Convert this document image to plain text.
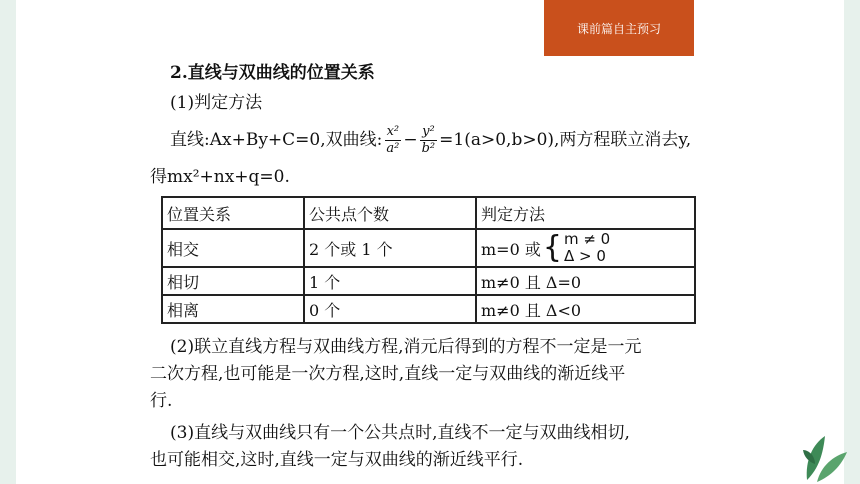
课前篇自主预习
2.直线与双曲线的位置关系
(1)判定方法
直线:Ax+By+C=0,双曲线: $\frac{\text{x²}}{\text{a²}} - \frac{\text{y²}}{\text{b²}} =1(a>0,b>0)$,两方程联立消去y,
得mx²+nx+q=0.
位置关系	公共点个数	判定方法
相交	2 个或 1 个	m=0 或 { m ≠ 0
Δ > 0

相切	1 个	m≠0 且 Δ=0
相离	0 个	m≠0 且 Δ<0
(2)联立直线方程与双曲线方程,消元后得到的方程不一定是一元
二次方程,也可能是一次方程,这时,直线一定与双曲线的渐近线平
行.
(3)直线与双曲线只有一个公共点时,直线不一定与双曲线相切,
也可能相交,这时,直线一定与双曲线的渐近线平行.
